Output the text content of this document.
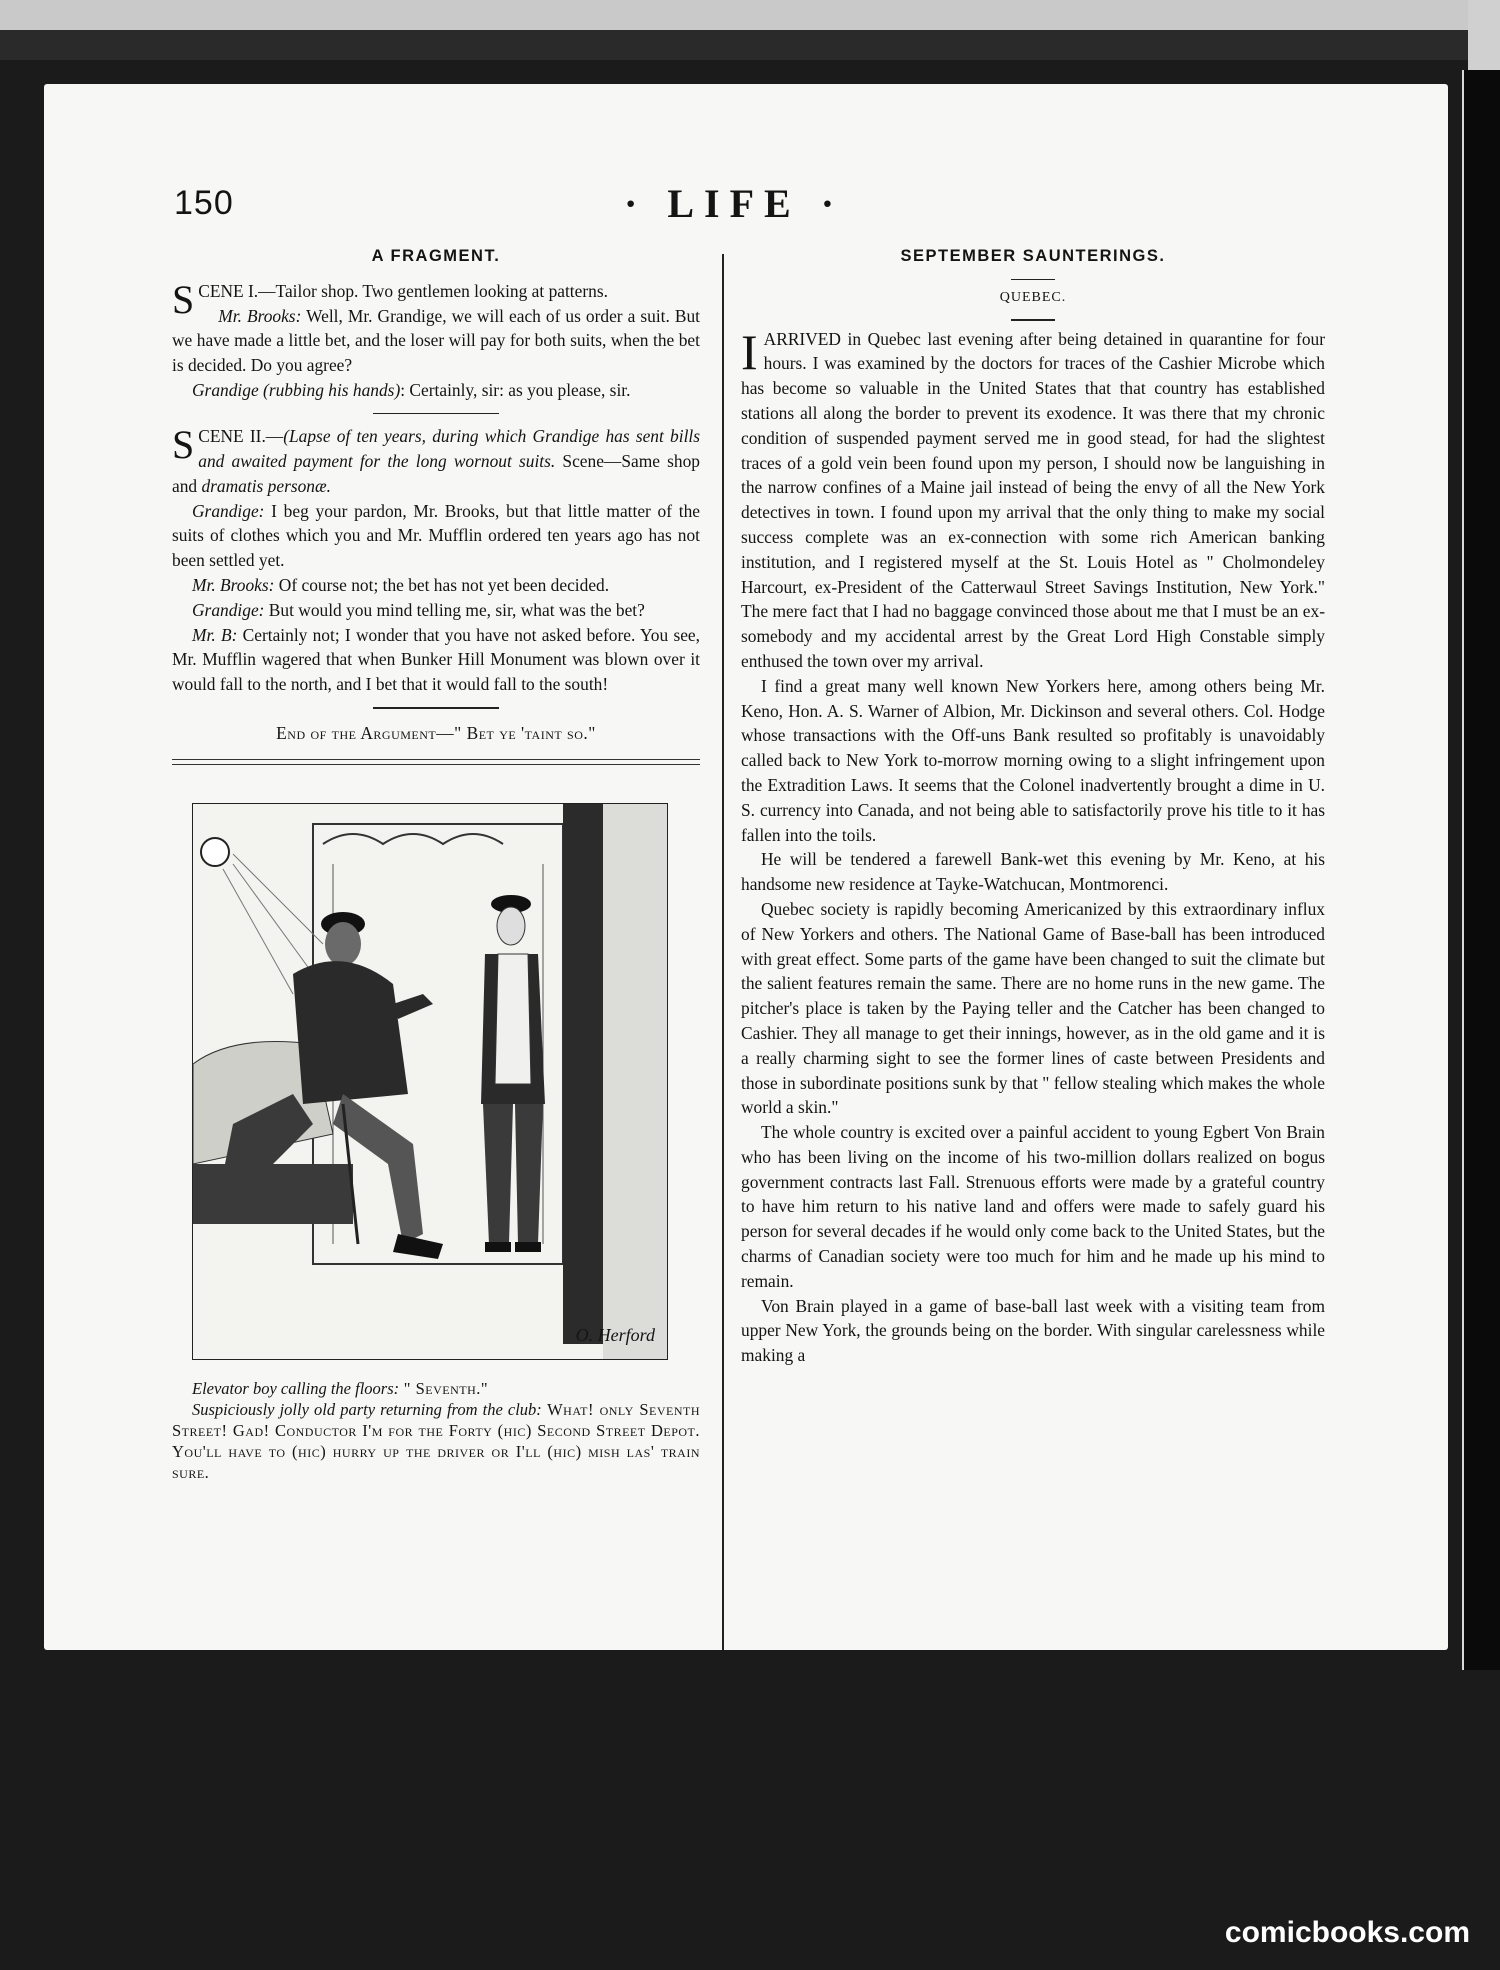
150	· LIFE ·
A FRAGMENT.
S CENE I.—Tailor shop. Two gentlemen looking at patterns.

Mr. Brooks: Well, Mr. Grandige, we will each of us order a suit. But we have made a little bet, and the loser will pay for both suits, when the bet is decided. Do you agree?

Grandige (rubbing his hands): Certainly, sir: as you please, sir.

S CENE II.—(Lapse of ten years, during which Grandige has sent bills and awaited payment for the long wornout suits. Scene—Same shop and dramatis personæ.

Grandige: I beg your pardon, Mr. Brooks, but that little matter of the suits of clothes which you and Mr. Mufflin ordered ten years ago has not been settled yet.

Mr. Brooks: Of course not; the bet has not yet been decided.

Grandige: But would you mind telling me, sir, what was the bet?

Mr. B: Certainly not; I wonder that you have not asked before. You see, Mr. Mufflin wagered that when Bunker Hill Monument was blown over it would fall to the north, and I bet that it would fall to the south!

End of the Argument—" Bet ye 'taint so."

O. Herford

Elevator boy calling the floors: " Seventh."

Suspiciously jolly old party returning from the club: What! only Seventh Street! Gad! Conductor I'm for the Forty (hic) Second Street Depot. You'll have to (hic) hurry up the driver or I'll (hic) mish las' train sure.

SEPTEMBER SAUNTERINGS.
QUEBEC.

I ARRIVED in Quebec last evening after being detained in quarantine for four hours. I was examined by the doctors for traces of the Cashier Microbe which has become so valuable in the United States that that country has established stations all along the border to prevent its exodence. It was there that my chronic condition of suspended payment served me in good stead, for had the slightest traces of a gold vein been found upon my person, I should now be languishing in the narrow confines of a Maine jail instead of being the envy of all the New York detectives in town. I found upon my arrival that the only thing to make my social success complete was an ex-connection with some rich American banking institution, and I registered myself at the St. Louis Hotel as " Cholmondeley Harcourt, ex-President of the Catterwaul Street Savings Institution, New York." The mere fact that I had no baggage convinced those about me that I must be an ex-somebody and my accidental arrest by the Great Lord High Constable simply enthused the town over my arrival.

I find a great many well known New Yorkers here, among others being Mr. Keno, Hon. A. S. Warner of Albion, Mr. Dickinson and several others. Col. Hodge whose transactions with the Off-uns Bank resulted so profitably is unavoidably called back to New York to-morrow morning owing to a slight infringement upon the Extradition Laws. It seems that the Colonel inadvertently brought a dime in U. S. currency into Canada, and not being able to satisfactorily prove his title to it has fallen into the toils.

He will be tendered a farewell Bank-wet this evening by Mr. Keno, at his handsome new residence at Tayke-Watchucan, Montmorenci.

Quebec society is rapidly becoming Americanized by this extraordinary influx of New Yorkers and others. The National Game of Base-ball has been introduced with great effect. Some parts of the game have been changed to suit the climate but the salient features remain the same. There are no home runs in the new game. The pitcher's place is taken by the Paying teller and the Catcher has been changed to Cashier. They all manage to get their innings, however, as in the old game and it is a really charming sight to see the former lines of caste between Presidents and those in subordinate positions sunk by that " fellow stealing which makes the whole world a skin."

The whole country is excited over a painful accident to young Egbert Von Brain who has been living on the income of his two-million dollars realized on bogus government contracts last Fall. Strenuous efforts were made by a grateful country to have him return to his native land and offers were made to safely guard his person for several decades if he would only come back to the United States, but the charms of Canadian society were too much for him and he made up his mind to remain.

Von Brain played in a game of base-ball last week with a visiting team from upper New York, the grounds being on the border. With singular carelessness while making a

comicbooks.com
